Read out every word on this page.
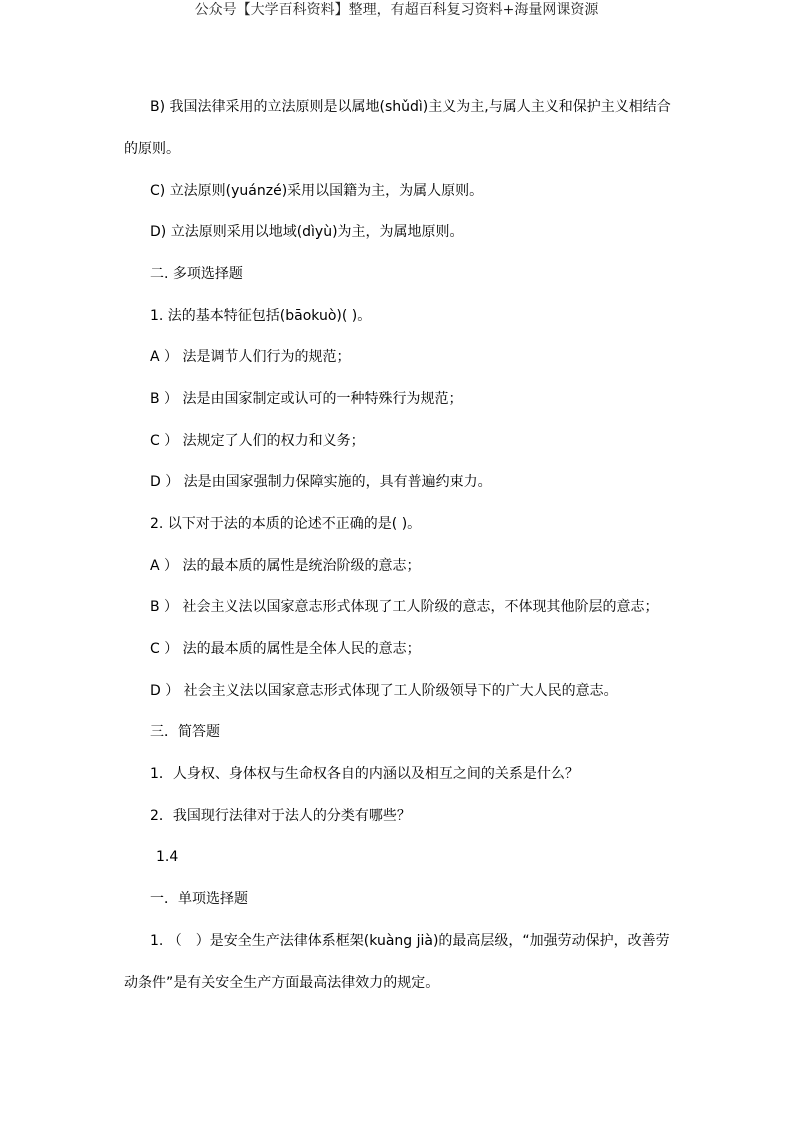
公众号【大学百科资料】整理，有超百科复习资料+海量网课资源
B) 我国法律采用的立法原则是以属地(shǔdì)主义为主,与属人主义和保护主义相结合
的原则。
C) 立法原则(yuánzé)采用以国籍为主，为属人原则。
D) 立法原则采用以地域(dìyù)为主，为属地原则。
二. 多项选择题
1. 法的基本特征包括(bāokuò)( )。
A ） 法是调节人们行为的规范；
B ） 法是由国家制定或认可的一种特殊行为规范；
C ） 法规定了人们的权力和义务；
D ） 法是由国家强制力保障实施的，具有普遍约束力。
2. 以下对于法的本质的论述不正确的是( )。
A ） 法的最本质的属性是统治阶级的意志；
B ） 社会主义法以国家意志形式体现了工人阶级的意志，不体现其他阶层的意志；
C ） 法的最本质的属性是全体人民的意志；
D ） 社会主义法以国家意志形式体现了工人阶级领导下的广大人民的意志。
三．简答题
1．人身权、身体权与生命权各自的内涵以及相互之间的关系是什么？
2．我国现行法律对于法人的分类有哪些？
1.4
一．单项选择题
1. （　）是安全生产法律体系框架(kuàng jià)的最高层级，“加强劳动保护，改善劳
动条件”是有关安全生产方面最高法律效力的规定。
